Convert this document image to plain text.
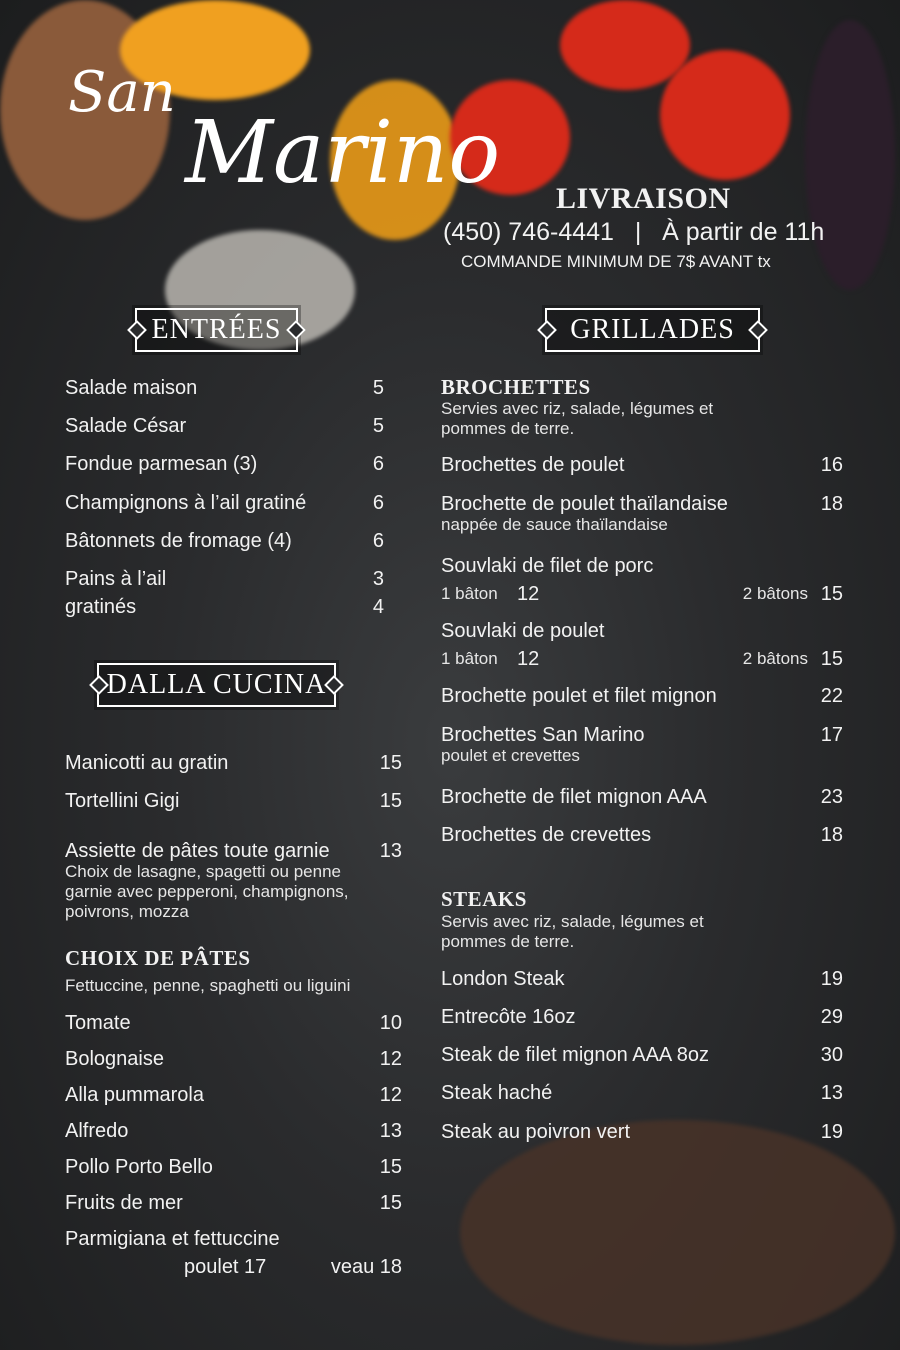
San
Marino LIVRAISON
(450) 746-4441 | À partir de 11h
COMMANDE MINIMUM DE 7$ AVANT tx
ENTRÉES	GRILLADES
DALLA CUCINA
Salade maison	5
Salade César	5
Fondue parmesan (3)	6
Champignons à l’ail gratiné	6
Bâtonnets de fromage (4)	6
Pains à l’ail	3
gratinés	4
Manicotti au gratin	15
Tortellini Gigi	15
Assiette de pâtes toute garnie	13
Choix de lasagne, spagetti ou penne
garnie avec pepperoni, champignons,
poivrons, mozza
CHOIX DE PÂTES
Fettuccine, penne, spaghetti ou liguini
Tomate	10
Bolognaise	12
Alla pummarola	12
Alfredo	13
Pollo Porto Bello	15
Fruits de mer	15
Parmigiana et fettuccine
poulet 17	veau 18
BROCHETTES
Servies avec riz, salade, légumes et
pommes de terre.
Brochettes de poulet	16
Brochette de poulet thaïlandaise	18
nappée de sauce thaïlandaise
Souvlaki de filet de porc
1 bâton 12	2 bâtons 15
Souvlaki de poulet
1 bâton 12	2 bâtons 15
Brochette poulet et filet mignon	22
Brochettes San Marino	17
poulet et crevettes
Brochette de filet mignon AAA	23
Brochettes de crevettes	18
STEAKS
Servis avec riz, salade, légumes et
pommes de terre.
London Steak	19
Entrecôte 16oz	29
Steak de filet mignon AAA 8oz	30
Steak haché	13
Steak au poivron vert	19
